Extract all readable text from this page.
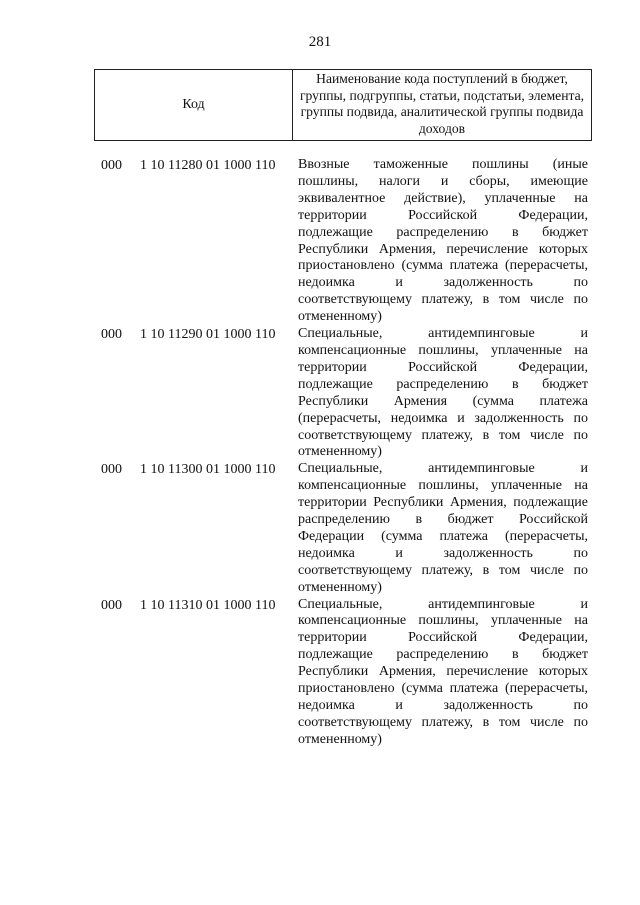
281
Код
Наименование кода поступлений в бюджет, группы, подгруппы, статьи, подстатьи, элемента, группы подвида, аналитической группы подвида доходов
000 1 10 11280 01 1000 110 Ввозные таможенные пошлины (иные пошлины, налоги и сборы, имеющие эквивалентное действие), уплаченные на территории Российской Федерации, подлежащие распределению в бюджет Республики Армения, перечисление которых приостановлено (сумма платежа (перерасчеты, недоимка и задолженность по соответствующему платежу, в том числе по отмененному)
000 1 10 11290 01 1000 110 Специальные, антидемпинговые и компенсационные пошлины, уплаченные на территории Российской Федерации, подлежащие распределению в бюджет Республики Армения (сумма платежа (перерасчеты, недоимка и задолженность по соответствующему платежу, в том числе по отмененному)
000 1 10 11300 01 1000 110 Специальные, антидемпинговые и компенсационные пошлины, уплаченные на территории Республики Армения, подлежащие распределению в бюджет Российской Федерации (сумма платежа (перерасчеты, недоимка и задолженность по соответствующему платежу, в том числе по отмененному)
000 1 10 11310 01 1000 110 Специальные, антидемпинговые и компенсационные пошлины, уплаченные на территории Российской Федерации, подлежащие распределению в бюджет Республики Армения, перечисление которых приостановлено (сумма платежа (перерасчеты, недоимка и задолженность по соответствующему платежу, в том числе по отмененному)
